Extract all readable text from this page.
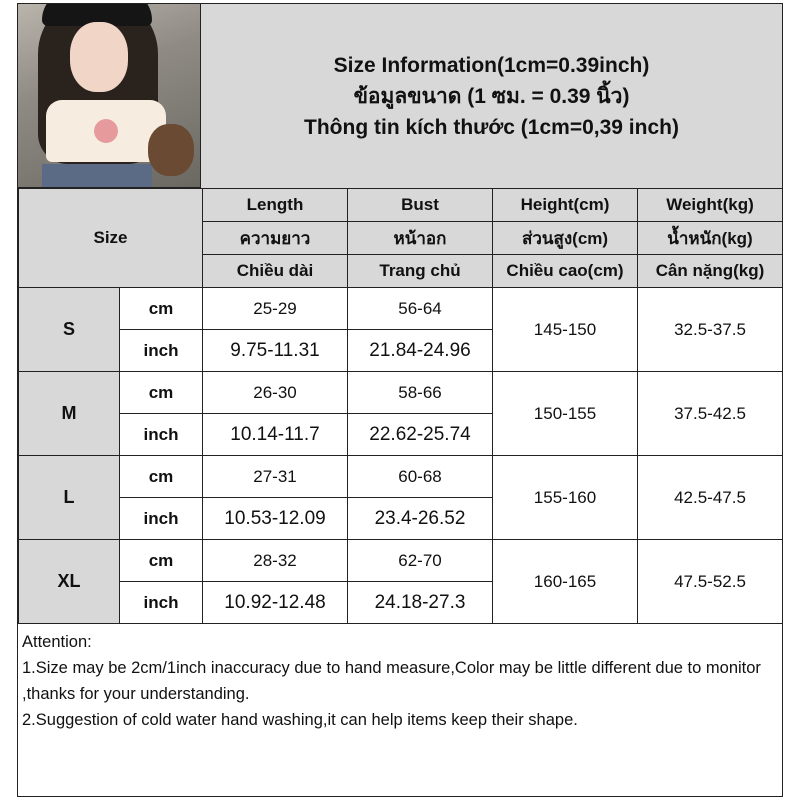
Size Information(1cm=0.39inch)
ข้อมูลขนาด (1 ซม. = 0.39 นิ้ว)
Thông tin kích thước (1cm=0,39 inch)
Size		Length	Bust	Height(cm)	Weight(kg)
		ความยาว	หน้าอก	ส่วนสูง(cm)	น้ำหนัก(kg)
		Chiều dài	Trang chủ	Chiều cao(cm)	Cân nặng(kg)
S	cm	25-29	56-64	145-150	32.5-37.5
	inch	9.75-11.31	21.84-24.96		
M	cm	26-30	58-66	150-155	37.5-42.5
	inch	10.14-11.7	22.62-25.74		
L	cm	27-31	60-68	155-160	42.5-47.5
	inch	10.53-12.09	23.4-26.52		
XL	cm	28-32	62-70	160-165	47.5-52.5
	inch	10.92-12.48	24.18-27.3		
Attention:
1.Size may be 2cm/1inch inaccuracy due to hand measure,Color may be little different due to monitor ,thanks for your understanding.
2.Suggestion of cold water hand washing,it can help items keep their shape.
